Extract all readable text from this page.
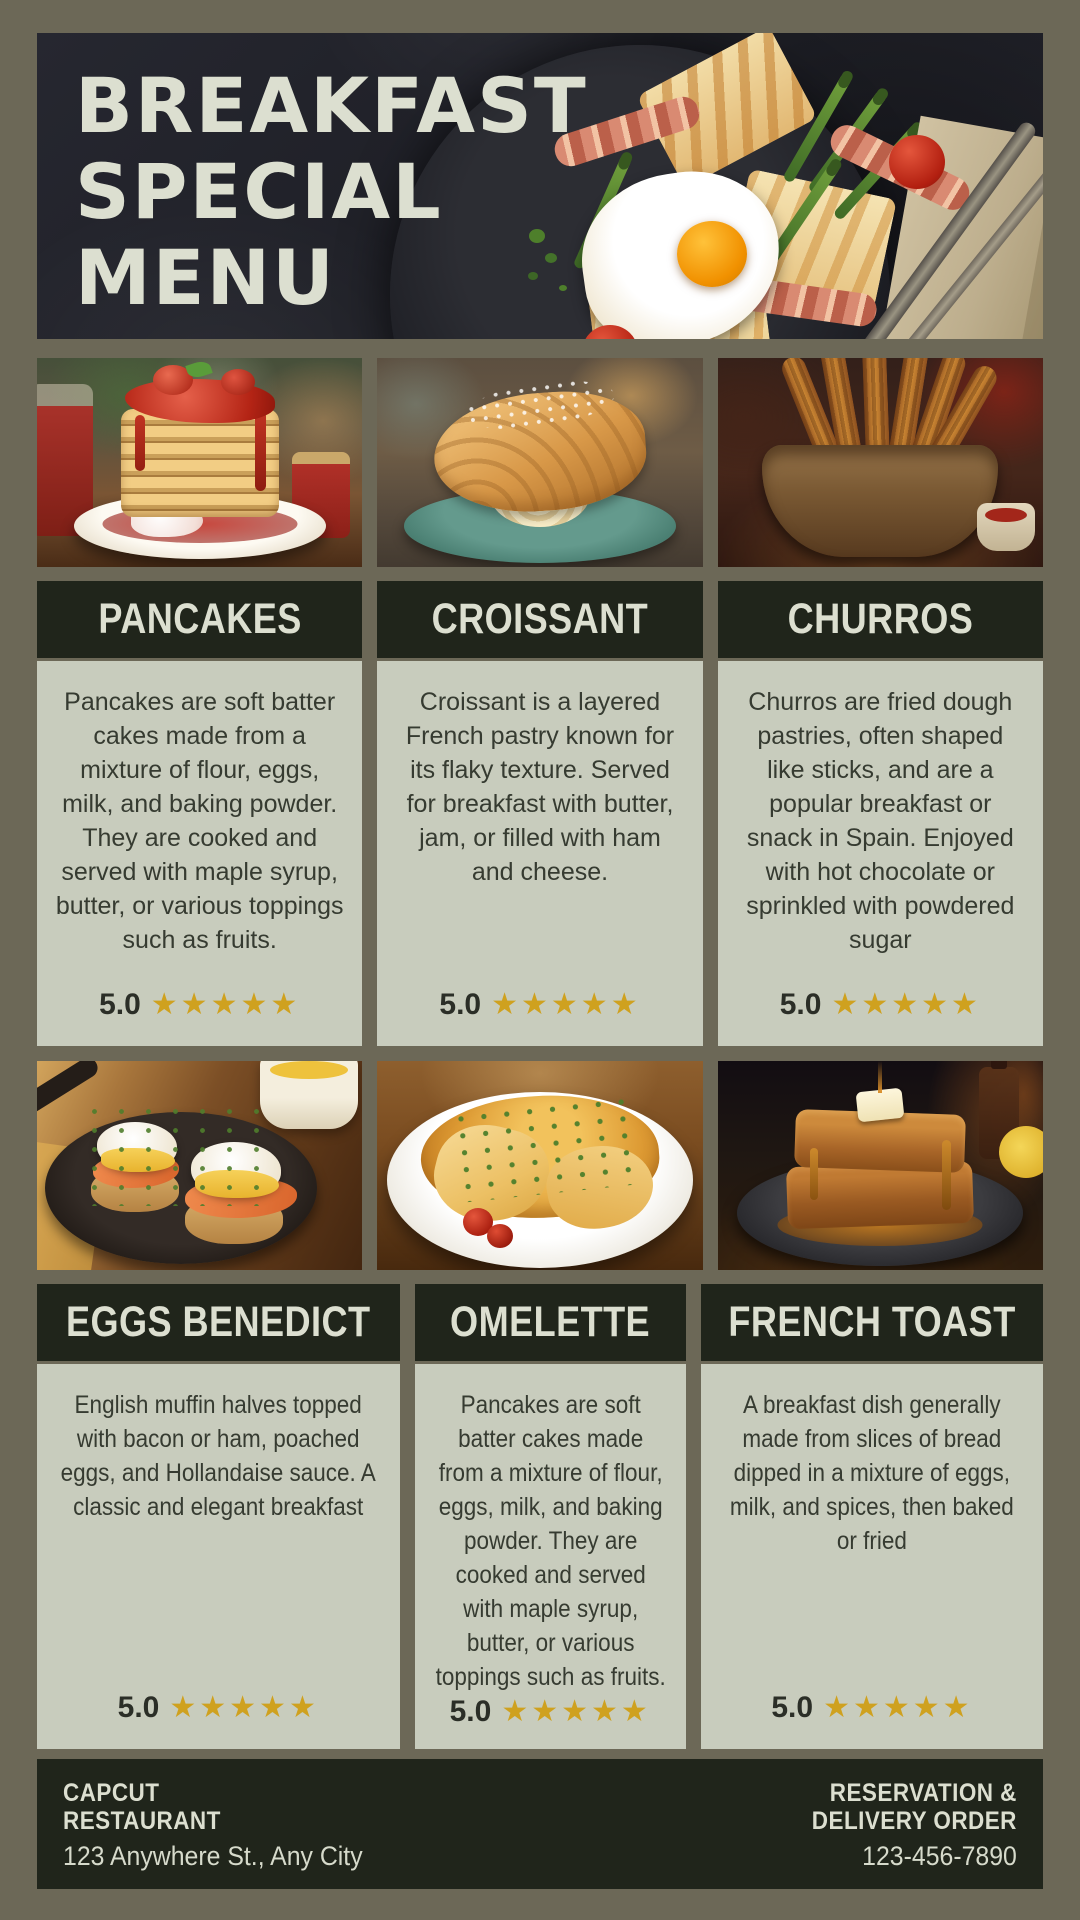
BREAKFAST
SPECIAL
MENU
PANCAKES

Pancakes are soft batter cakes made from a mixture of flour, eggs, milk, and baking powder. They are cooked and served with maple syrup, butter, or various toppings such as fruits.

5.0 ★★★★★
CROISSANT

Croissant is a layered French pastry known for its flaky texture. Served for breakfast with butter, jam, or filled with ham and cheese.

5.0 ★★★★★
CHURROS

Churros are fried dough pastries, often shaped like sticks, and are a popular breakfast or snack in Spain. Enjoyed with hot chocolate or sprinkled with powdered sugar

5.0 ★★★★★
EGGS BENEDICT

English muffin halves topped with bacon or ham, poached eggs, and Hollandaise sauce. A classic and elegant breakfast

5.0 ★★★★★
OMELETTE

Pancakes are soft batter cakes made from a mixture of flour, eggs, milk, and baking powder. They are cooked and served with maple syrup, butter, or various toppings such as fruits.

5.0 ★★★★★
FRENCH TOAST

A breakfast dish generally made from slices of bread dipped in a mixture of eggs, milk, and spices, then baked or fried

5.0 ★★★★★
CAPCUT
RESTAURANT
123 Anywhere St., Any City
RESERVATION &
DELIVERY ORDER
123-456-7890
